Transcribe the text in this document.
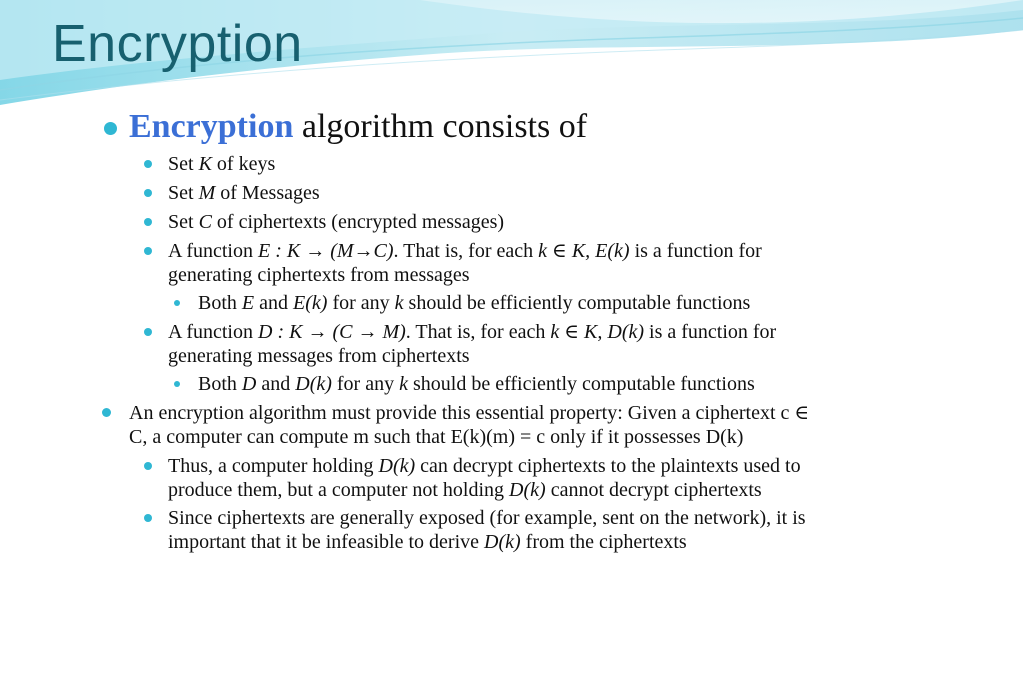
Encryption

Encryption algorithm consists of

Set K of keys

Set M of Messages

Set C of ciphertexts (encrypted messages)

A function E : K → (M→C). That is, for each k ∈ K, E(k) is a function for
generating ciphertexts from messages

Both E and E(k) for any k should be efficiently computable functions

A function D : K → (C → M). That is, for each k ∈ K, D(k) is a function for
generating messages from ciphertexts

Both D and D(k) for any k should be efficiently computable functions

An encryption algorithm must provide this essential property: Given a ciphertext c ∈
C, a computer can compute m such that E(k)(m) = c only if it possesses D(k)

Thus, a computer holding D(k) can decrypt ciphertexts to the plaintexts used to
produce them, but a computer not holding D(k) cannot decrypt ciphertexts

Since ciphertexts are generally exposed (for example, sent on the network), it is
important that it be infeasible to derive D(k) from the ciphertexts
